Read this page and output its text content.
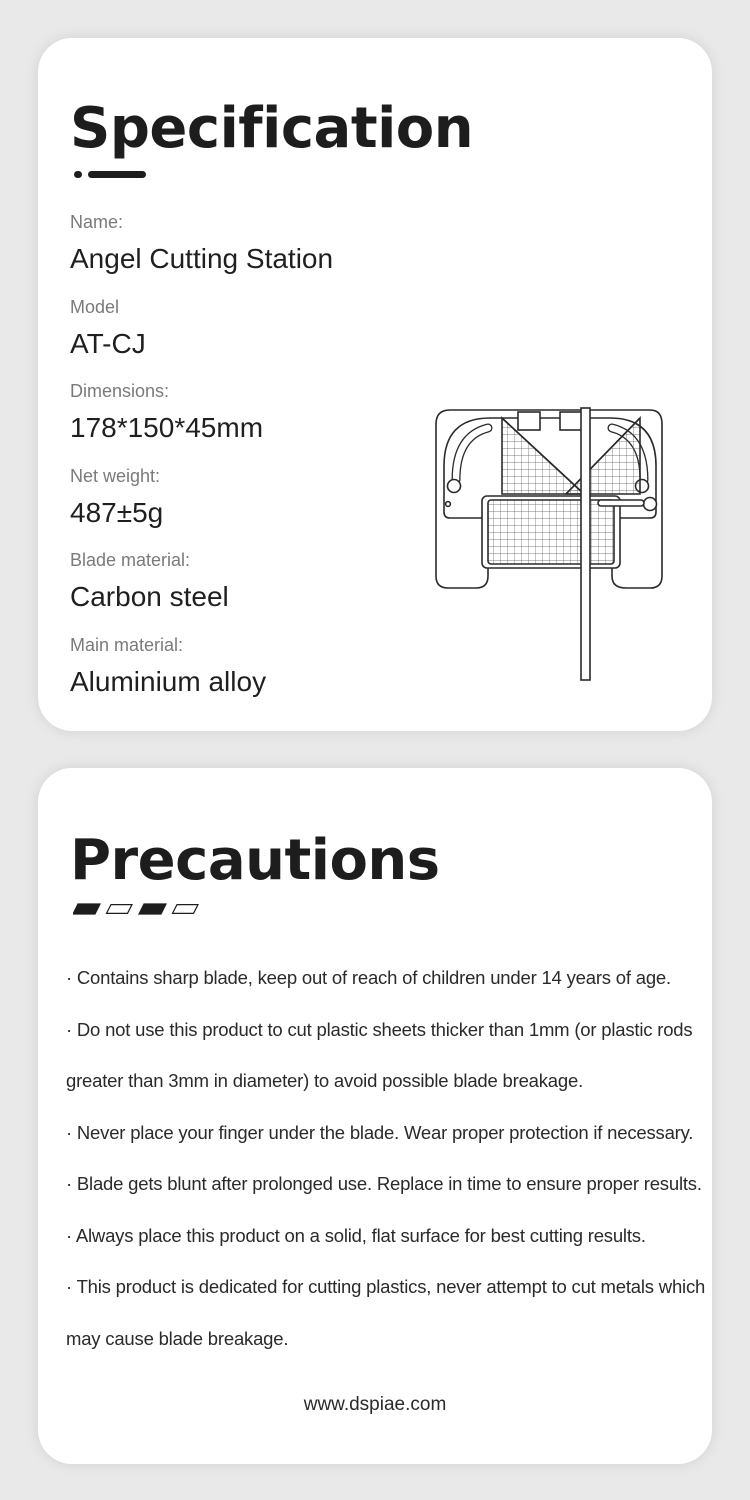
Specification
Name:
Angel Cutting Station
Model
AT-CJ
Dimensions:
178*150*45mm
Net weight:
487±5g
Blade material:
Carbon steel
Main material:
Aluminium alloy
Precautions

· Contains sharp blade, keep out of reach of children under 14 years of age.

· Do not use this product to cut plastic sheets thicker than 1mm (or plastic rods greater than 3mm in diameter) to avoid possible blade breakage.

· Never place your finger under the blade. Wear proper protection if necessary.

· Blade gets blunt after prolonged use. Replace in time to ensure proper results.

· Always place this product on a solid, flat surface for best cutting results.

· This product is dedicated for cutting plastics, never attempt to cut metals which may cause blade breakage.

www.dspiae.com
